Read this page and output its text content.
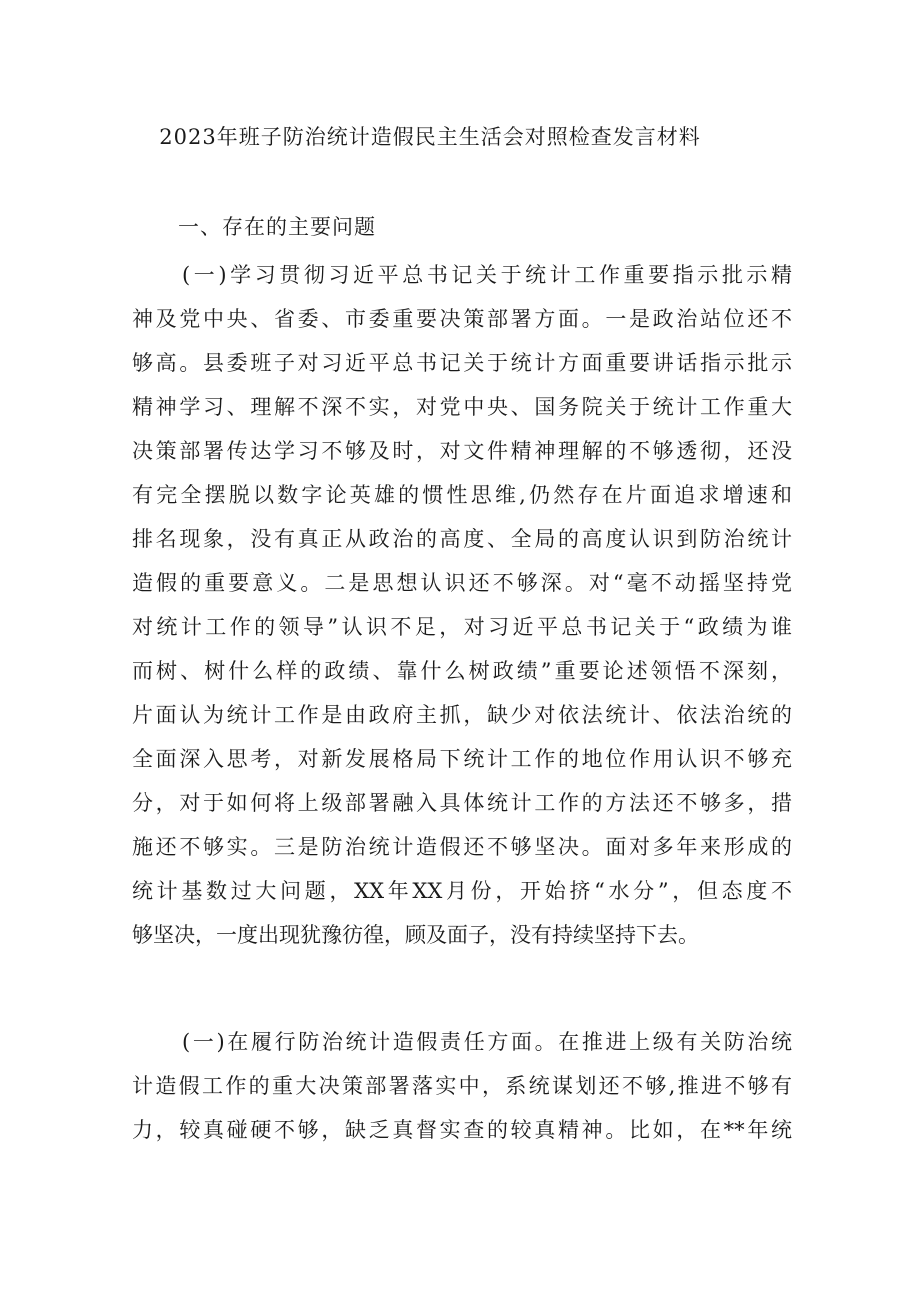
2023年班子防治统计造假民主生活会对照检查发言材料
一、存在的主要问题
(一)学习贯彻习近平总书记关于统计工作重要指示批示精
神及党中央、省委、市委重要决策部署方面。一是政治站位还不
够高。县委班子对习近平总书记关于统计方面重要讲话指示批示
精神学习、理解不深不实，对党中央、国务院关于统计工作重大
决策部署传达学习不够及时，对文件精神理解的不够透彻，还没
有完全摆脱以数字论英雄的惯性思维,仍然存在片面追求增速和
排名现象，没有真正从政治的高度、全局的高度认识到防治统计
造假的重要意义。二是思想认识还不够深。对“毫不动摇坚持党
对统计工作的领导”认识不足，对习近平总书记关于“政绩为谁
而树、树什么样的政绩、靠什么树政绩”重要论述领悟不深刻，
片面认为统计工作是由政府主抓，缺少对依法统计、依法治统的
全面深入思考，对新发展格局下统计工作的地位作用认识不够充
分，对于如何将上级部署融入具体统计工作的方法还不够多，措
施还不够实。三是防治统计造假还不够坚决。面对多年来形成的
统计基数过大问题，XX年XX月份，开始挤“水分”，但态度不
够坚决，一度出现犹豫彷徨，顾及面子，没有持续坚持下去。
(一)在履行防治统计造假责任方面。在推进上级有关防治统
计造假工作的重大决策部署落实中，系统谋划还不够,推进不够有
力，较真碰硬不够，缺乏真督实查的较真精神。比如，在**年统
